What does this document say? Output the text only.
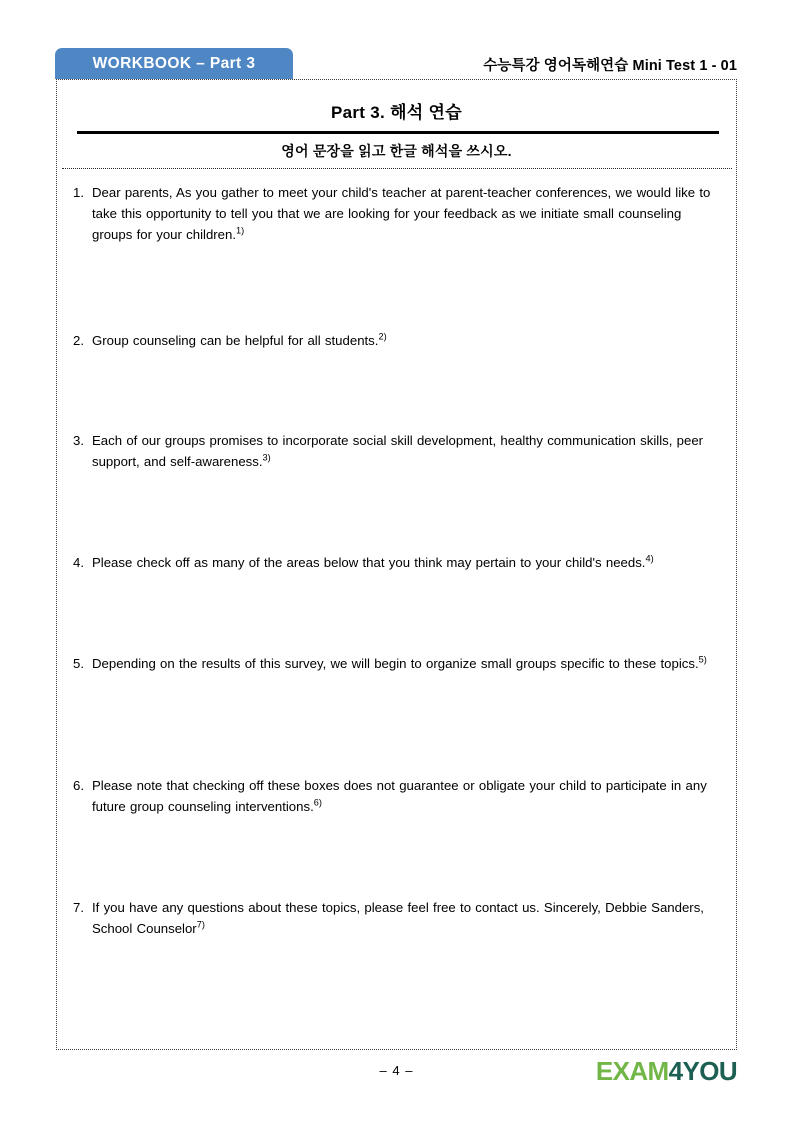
WORKBOOK – Part 3	수능특강 영어독해연습 Mini Test 1 - 01
Part 3. 해석 연습
영어 문장을 읽고 한글 해석을 쓰시오.
1. Dear parents, As you gather to meet your child's teacher at parent-teacher conferences, we would like to take this opportunity to tell you that we are looking for your feedback as we initiate small counseling groups for your children.$^{1)}$
2. Group counseling can be helpful for all students.$^{2)}$
3. Each of our groups promises to incorporate social skill development, healthy communication skills, peer support, and self-awareness.$^{3)}$
4. Please check off as many of the areas below that you think may pertain to your child's needs.$^{4)}$
5. Depending on the results of this survey, we will begin to organize small groups specific to these topics.$^{5)}$
6. Please note that checking off these boxes does not guarantee or obligate your child to participate in any future group counseling interventions.$^{6)}$
7. If you have any questions about these topics, please feel free to contact us. Sincerely, Debbie Sanders, School Counselor$^{7)}$
– 4 –	EXAM4YOU
